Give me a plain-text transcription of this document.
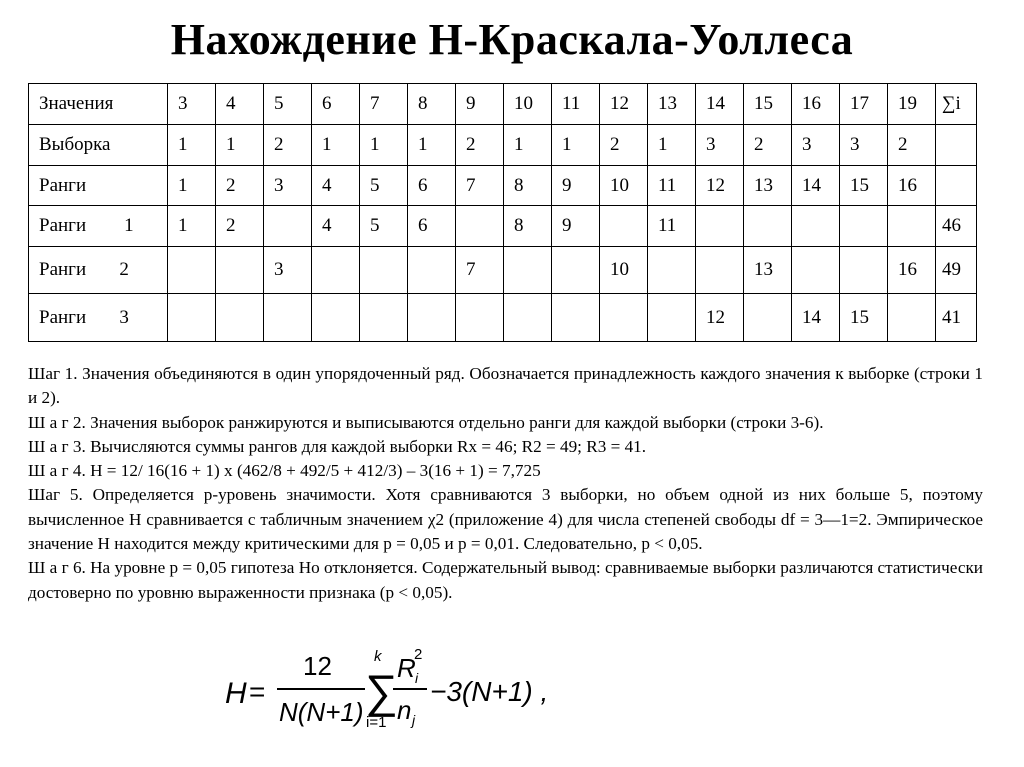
Нахождение Н-Краскала-Уоллеса
Значения	3	4	5	6	7	8	9	10	11	12	13	14	15	16	17	19	∑i
Выборка	1	1	2	1	1	1	2	1	1	2	1	3	2	3	3	2	
Ранги	1	2	3	4	5	6	7	8	9	10	11	12	13	14	15	16	
Ранги        1	1	2		4	5	6		8	9		11						46
Ранги       2			3				7			10			13			16	49
Ранги       3												12		14	15		41

Шаг 1. Значения объединяются в один упорядоченный ряд. Обозначается принадлежность каждого значения к выборке (строки 1 и 2).

Ш а г 2. Значения выборок ранжируются и выписываются отдельно ранги для каждой выборки (строки 3-6).

Ш а г 3. Вычисляются суммы рангов для каждой выборки Rx = 46; R2 = 49; R3 = 41.

Ш а г 4. Н = 12/ 16(16 + 1) х (462/8 + 492/5 + 412/3) – 3(16 + 1) = 7,725

Шаг 5. Определяется р-уровень значимости. Хотя сравниваются 3 выборки, но объем одной из них больше 5, поэтому вычисленное Н сравнивается с табличным значением χ2 (приложение 4) для числа степеней свободы df = 3—1=2. Эмпирическое значение Н находится между критическими для р = 0,05 и р = 0,01. Следовательно, р ˂ 0,05.

Ш а г 6. На уровне р = 0,05 гипотеза Но отклоняется. Содержательный вывод: сравниваемые выборки различаются статистически достоверно по уровню выраженности признака (р ˂ 0,05).

H =
12
N(N+1)
k
∑
i=1
R
2
i
n j
−3(N+1) ,
